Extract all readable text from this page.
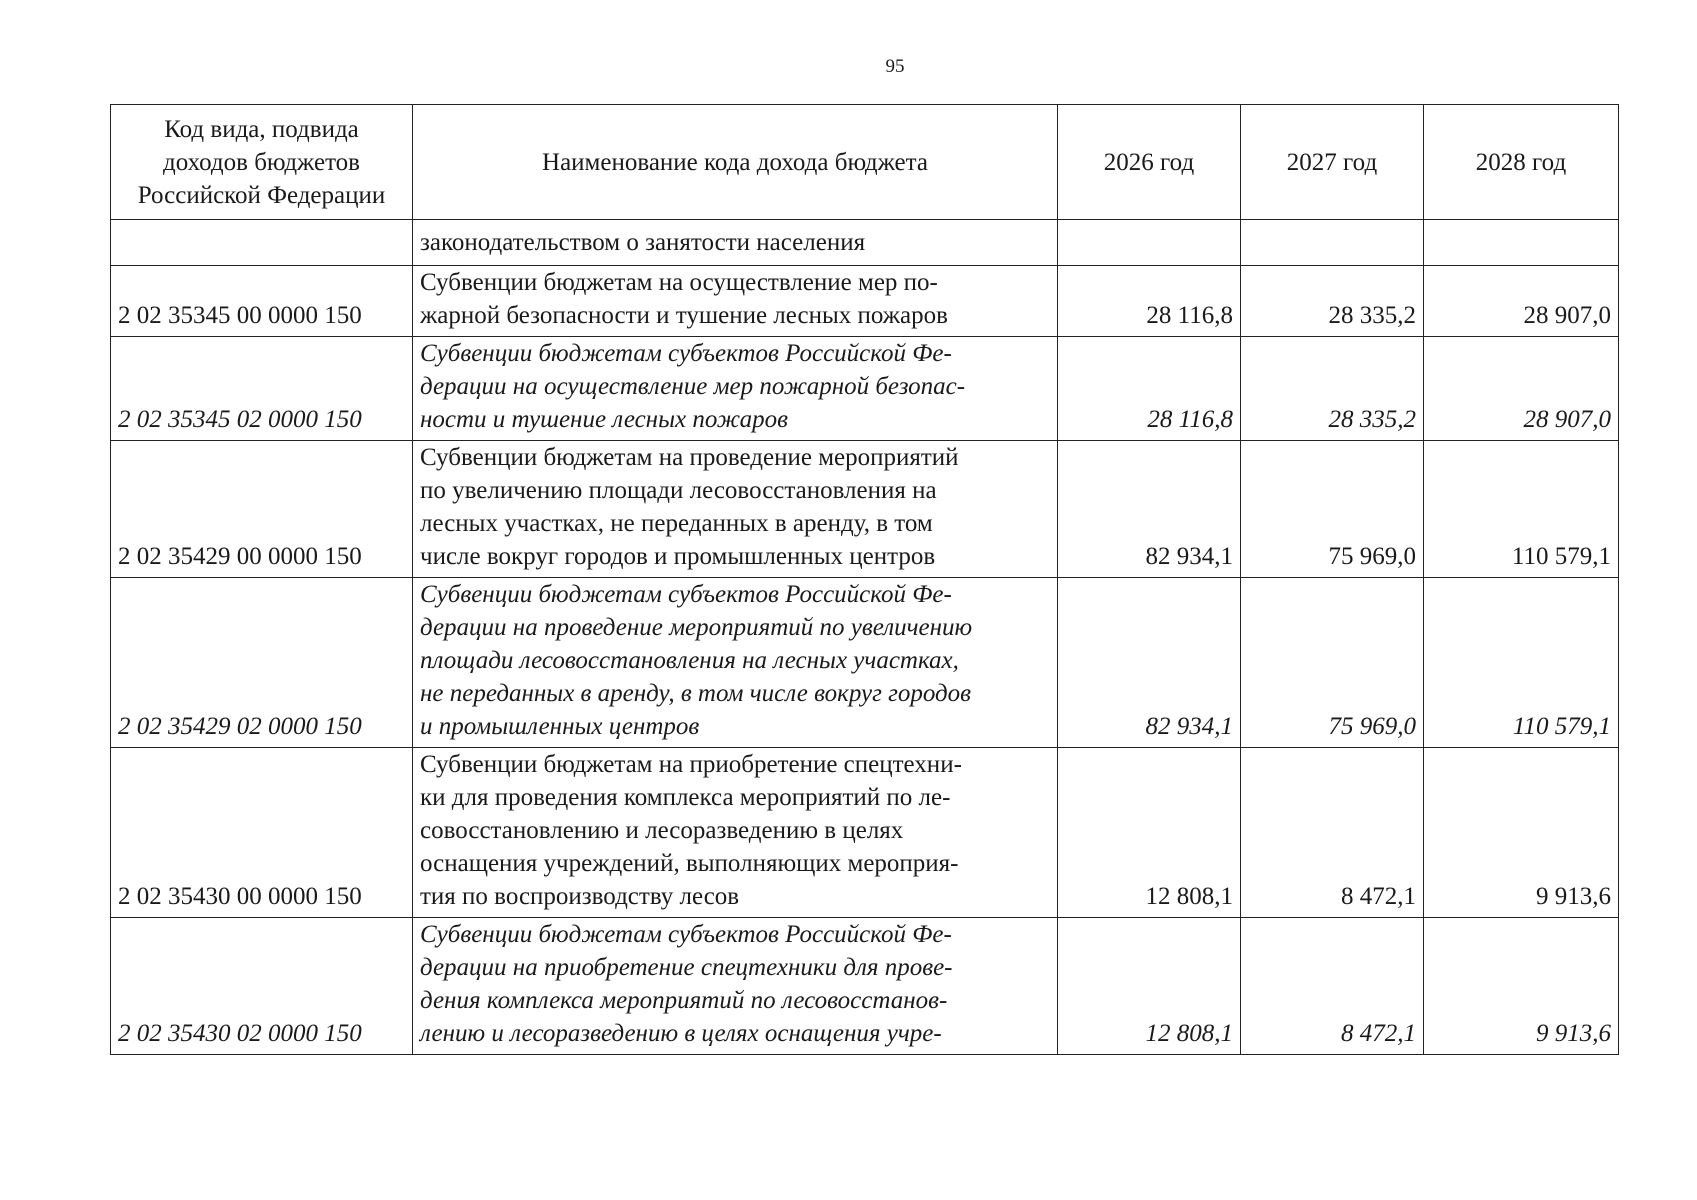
95
Код вида, подвида
доходов бюджетов
Российской Федерации	Наименование кода дохода бюджета	2026 год	2027 год	2028 год

	законодательством о занятости населения			

2 02 35345 00 0000 150	Субвенции бюджетам на осуществление мер по-
жарной безопасности и тушение лесных пожаров	28 116,8	28 335,2	28 907,0
2 02 35345 02 0000 150	Субвенции бюджетам субъектов Российской Фе-
дерации на осуществление мер пожарной безопас-
ности и тушение лесных пожаров	28 116,8	28 335,2	28 907,0
2 02 35429 00 0000 150	Субвенции бюджетам на проведение мероприятий
по увеличению площади лесовосстановления на
лесных участках, не переданных в аренду, в том
числе вокруг городов и промышленных центров	82 934,1	75 969,0	110 579,1
2 02 35429 02 0000 150	Субвенции бюджетам субъектов Российской Фе-
дерации на проведение мероприятий по увеличению
площади лесовосстановления на лесных участках,
не переданных в аренду, в том числе вокруг городов
и промышленных центров	82 934,1	75 969,0	110 579,1
2 02 35430 00 0000 150	Субвенции бюджетам на приобретение спецтехни-
ки для проведения комплекса мероприятий по ле-
совосстановлению и лесоразведению в целях
оснащения учреждений, выполняющих мероприя-
тия по воспроизводству лесов	12 808,1	8 472,1	9 913,6
2 02 35430 02 0000 150	Субвенции бюджетам субъектов Российской Фе-
дерации на приобретение спецтехники для прове-
дения комплекса мероприятий по лесовосстанов-
лению и лесоразведению в целях оснащения учре-	12 808,1	8 472,1	9 913,6
